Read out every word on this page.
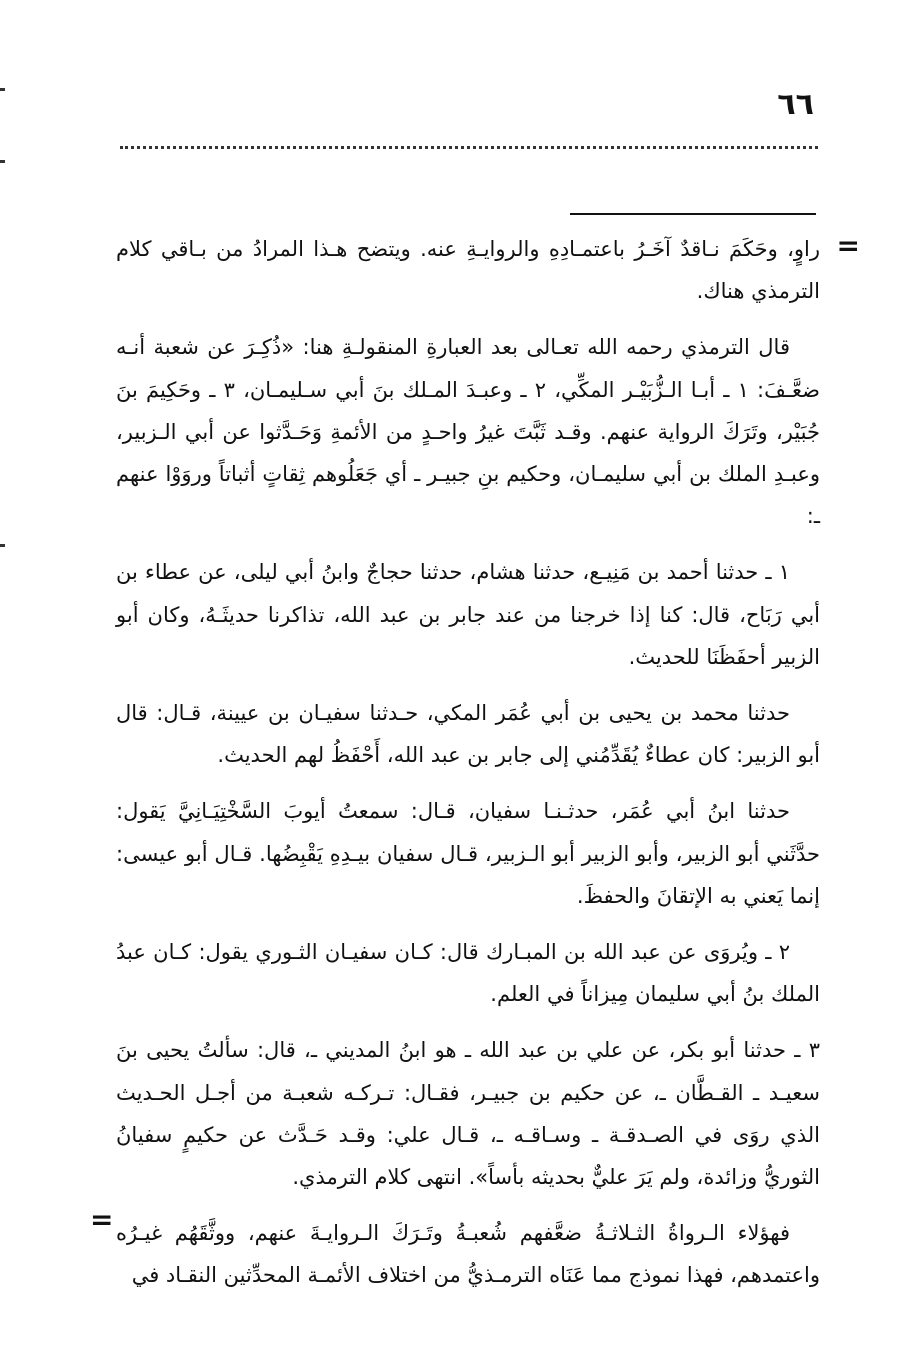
٦٦
=
=

راوٍ، وحَكَمَ نـاقدٌ آخَـرُ باعتمـادِهِ والروايـةِ عنه. ويتضح هـذا المرادُ من بـاقي كلام الترمذي هناك.

قال الترمذي رحمه الله تعـالى بعد العبارةِ المنقولـةِ هنا: «ذُكِـرَ عن شعبة أنـه ضعَّـفَ: ١ ـ أبـا الـزُّبَيْـر المكِّي، ٢ ـ وعبـدَ المـلك بنَ أبي سـليمـان، ٣ ـ وحَكِيمَ بنَ جُبَيْر، وتَرَكَ الرواية عنهم. وقـد ثَبَّتَ غيرُ واحـدٍ من الأئمةِ وَحَـدَّثوا عن أبي الـزبير، وعبـدِ الملك بن أبي سليمـان، وحكيم بنِ جبيـر ـ أي جَعَلُوهم ثِقاتٍ أثباتاً وروَوْا عنهم ـ:

١ ـ حدثنا أحمد بن مَنِيـع، حدثنا هشام، حدثنا حجاجٌ وابنُ أبي ليلى، عن عطاء بن أبي رَبَاح، قال: كنا إذا خرجنا من عند جابر بن عبد الله، تذاكرنا حديثَـهُ، وكان أبو الزبير أحفَظَنَا للحديث.

حدثنا محمد بن يحيى بن أبي عُمَر المكي، حـدثنا سفيـان بن عيينة، قـال: قال أبو الزبير: كان عطاءٌ يُقَدِّمُني إلى جابر بن عبد الله، أَحْفَظُ لهم الحديث.

حدثنا ابنُ أبي عُمَر، حدثـنـا سفيان، قـال: سمعتُ أيوبَ السَّخْتِيَـانِيَّ يَقول: حدَّثَني أبو الزبير، وأبو الزبير أبو الـزبير، قـال سفيان بيـدِهِ يَقْبِضُها. قـال أبو عيسى: إنما يَعني به الإتقانَ والحفظَ.

٢ ـ ويُروَى عن عبد الله بن المبـارك قال: كـان سفيـان الثـوري يقول: كـان عبدُ الملك بنُ أبي سليمان مِيزاناً في العلم.

٣ ـ حدثنا أبو بكر، عن علي بن عبد الله ـ هو ابنُ المديني ـ، قال: سألتُ يحيى بنَ سعيـد ـ القـطَّان ـ، عن حكيم بن جبيـر، فقـال: تـركـه شعبـة من أجـل الحـديث الذي روَى في الصـدقـة ـ وسـاقـه ـ، قـال علي: وقـد حَـدَّث عن حكيمٍ سفيانُ الثوريُّ وزائدة، ولم يَرَ عليٌّ بحديثه بأساً». انتهى كلام الترمذي.

فهؤلاء الـرواةُ الثـلاثـةُ ضعَّفهم شُعبـةُ وتَـرَكَ الـروايـةَ عنهم، ووثَّقَهُم غيـرُه واعتمدهم، فهذا نموذج مما عَنَاه الترمـذيُّ من اختلاف الأئمـة المحدِّثين النقـاد في
